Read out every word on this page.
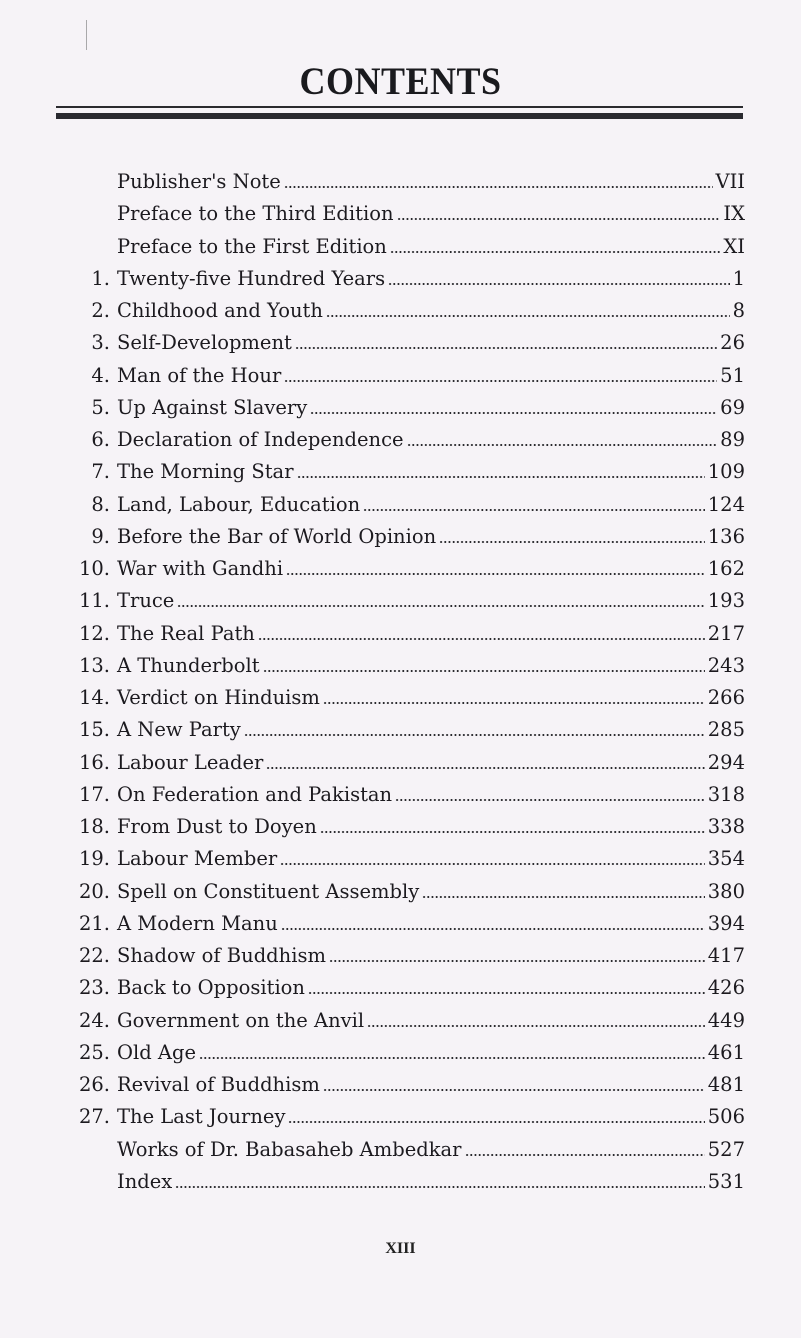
CONTENTS
Publisher's Note	VII
Preface to the Third Edition	IX
Preface to the First Edition	XI
1. Twenty-five Hundred Years	1
2. Childhood and Youth	8
3. Self-Development	26
4. Man of the Hour	51
5. Up Against Slavery	69
6. Declaration of Independence	89
7. The Morning Star	109
8. Land, Labour, Education	124
9. Before the Bar of World Opinion	136
10. War with Gandhi	162
11. Truce	193
12. The Real Path	217
13. A Thunderbolt	243
14. Verdict on Hinduism	266
15. A New Party	285
16. Labour Leader	294
17. On Federation and Pakistan	318
18. From Dust to Doyen	338
19. Labour Member	354
20. Spell on Constituent Assembly	380
21. A Modern Manu	394
22. Shadow of Buddhism	417
23. Back to Opposition	426
24. Government on the Anvil	449
25. Old Age	461
26. Revival of Buddhism	481
27. The Last Journey	506
Works of Dr. Babasaheb Ambedkar	527
Index	531
XIII
